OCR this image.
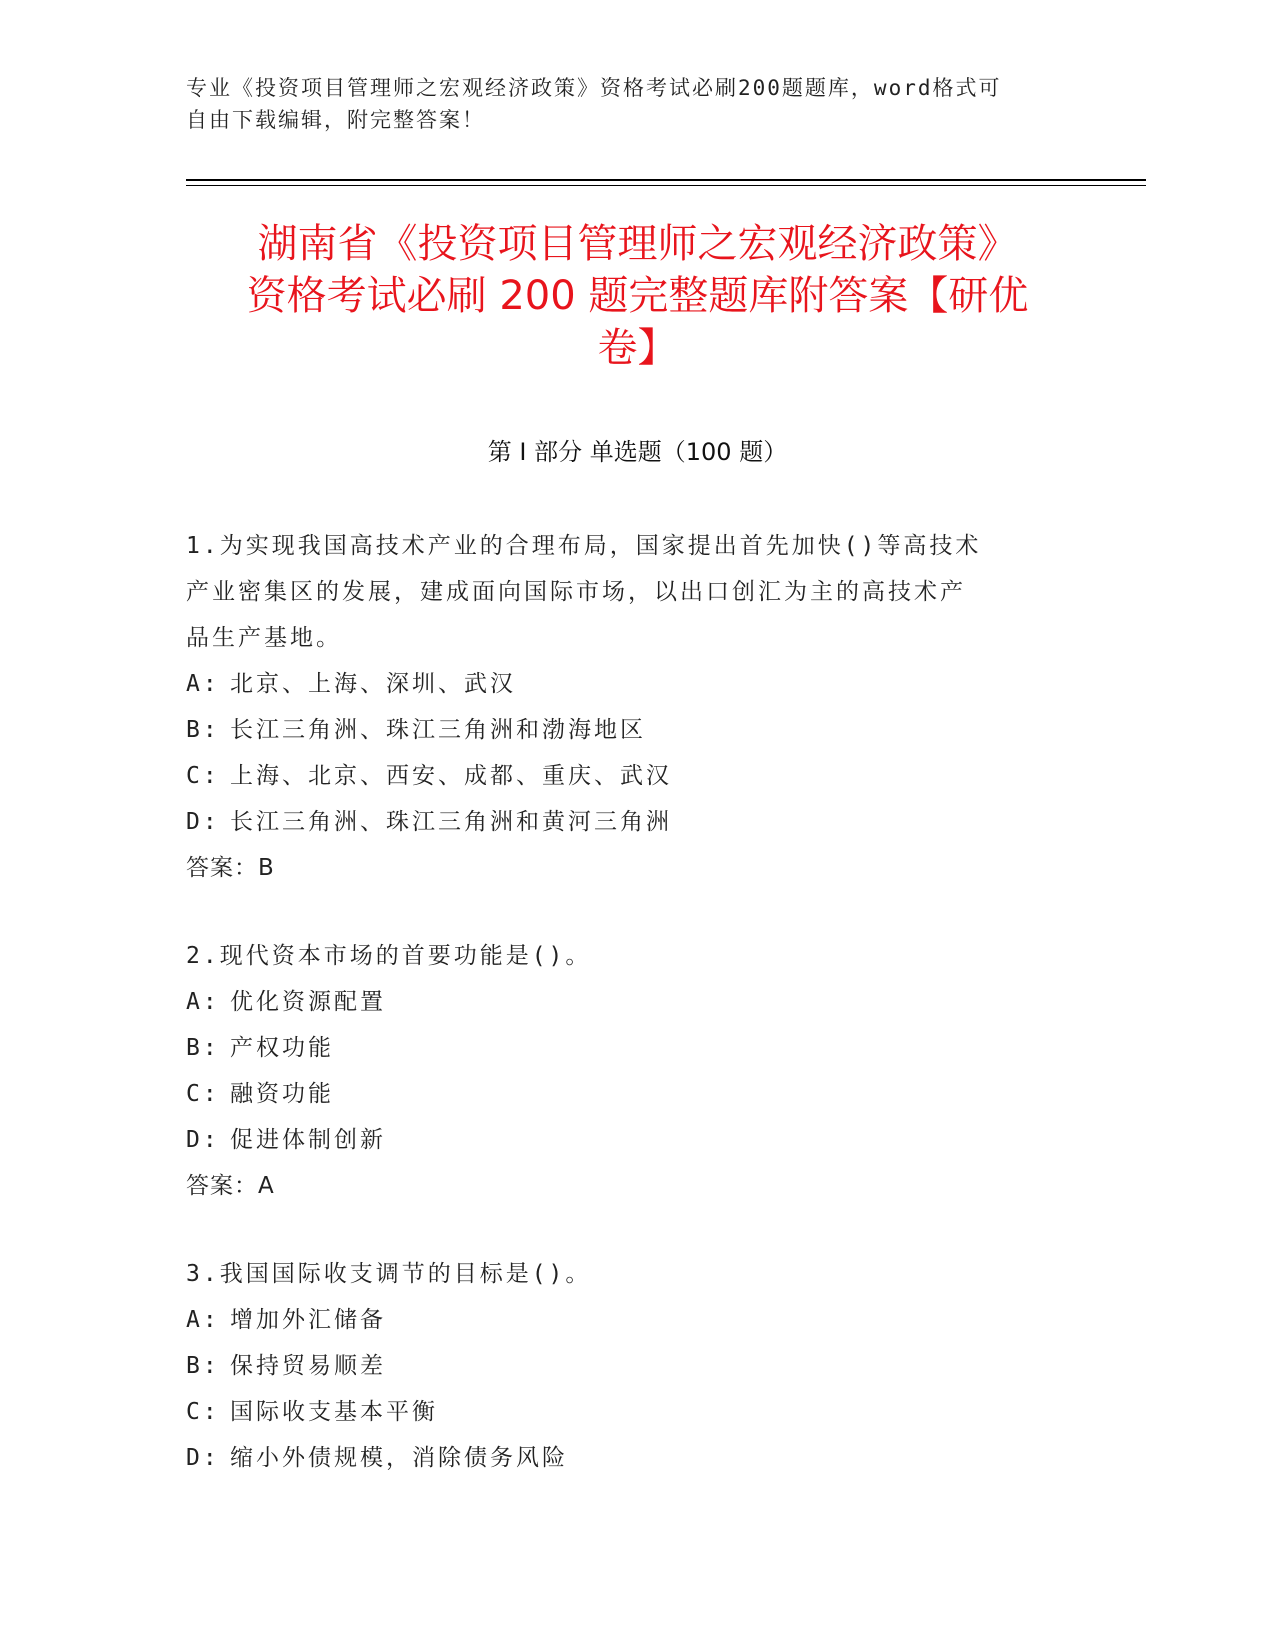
专业《投资项目管理师之宏观经济政策》资格考试必刷200题题库，word格式可
自由下载编辑，附完整答案！
湖南省《投资项目管理师之宏观经济政策》
资格考试必刷 200 题完整题库附答案【研优
卷】
第 I 部分 单选题（100 题）
1.为实现我国高技术产业的合理布局，国家提出首先加快()等高技术
产业密集区的发展，建成面向国际市场，以出口创汇为主的高技术产
品生产基地。
A: 北京、上海、深圳、武汉
B: 长江三角洲、珠江三角洲和渤海地区
C: 上海、北京、西安、成都、重庆、武汉
D: 长江三角洲、珠江三角洲和黄河三角洲
答案：B
2.现代资本市场的首要功能是()。
A: 优化资源配置
B: 产权功能
C: 融资功能
D: 促进体制创新
答案：A
3.我国国际收支调节的目标是()。
A: 增加外汇储备
B: 保持贸易顺差
C: 国际收支基本平衡
D: 缩小外债规模，消除债务风险
